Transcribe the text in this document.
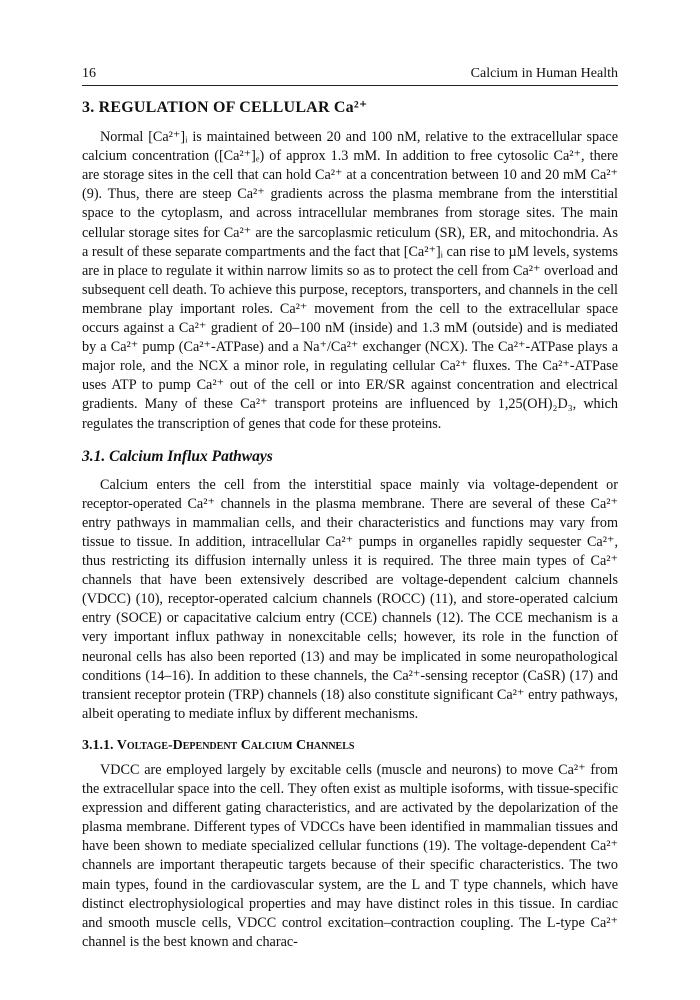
16	Calcium in Human Health
3. REGULATION OF CELLULAR Ca²⁺

Normal [Ca²⁺]ᵢ is maintained between 20 and 100 nM, relative to the extracellular space calcium concentration ([Ca²⁺]ₑ) of approx 1.3 mM. In addition to free cytosolic Ca²⁺, there are storage sites in the cell that can hold Ca²⁺ at a concentration between 10 and 20 mM Ca²⁺ (9). Thus, there are steep Ca²⁺ gradients across the plasma membrane from the interstitial space to the cytoplasm, and across intracellular membranes from storage sites. The main cellular storage sites for Ca²⁺ are the sarcoplasmic reticulum (SR), ER, and mitochondria. As a result of these separate compartments and the fact that [Ca²⁺]ᵢ can rise to µM levels, systems are in place to regulate it within narrow limits so as to protect the cell from Ca²⁺ overload and subsequent cell death. To achieve this purpose, receptors, transporters, and channels in the cell membrane play important roles. Ca²⁺ movement from the cell to the extracellular space occurs against a Ca²⁺ gradient of 20–100 nM (inside) and 1.3 mM (outside) and is mediated by a Ca²⁺ pump (Ca²⁺-ATPase) and a Na⁺/Ca²⁺ exchanger (NCX). The Ca²⁺-ATPase plays a major role, and the NCX a minor role, in regulating cellular Ca²⁺ fluxes. The Ca²⁺-ATPase uses ATP to pump Ca²⁺ out of the cell or into ER/SR against concentration and electrical gradients. Many of these Ca²⁺ transport proteins are influenced by 1,25(OH)₂D₃, which regulates the transcription of genes that code for these proteins.

3.1. Calcium Influx Pathways

Calcium enters the cell from the interstitial space mainly via voltage-dependent or receptor-operated Ca²⁺ channels in the plasma membrane. There are several of these Ca²⁺ entry pathways in mammalian cells, and their characteristics and functions may vary from tissue to tissue. In addition, intracellular Ca²⁺ pumps in organelles rapidly sequester Ca²⁺, thus restricting its diffusion internally unless it is required. The three main types of Ca²⁺ channels that have been extensively described are voltage-dependent calcium channels (VDCC) (10), receptor-operated calcium channels (ROCC) (11), and store-operated calcium entry (SOCE) or capacitative calcium entry (CCE) channels (12). The CCE mechanism is a very important influx pathway in nonexcitable cells; however, its role in the function of neuronal cells has also been reported (13) and may be implicated in some neuropathological conditions (14–16). In addition to these channels, the Ca²⁺-sensing receptor (CaSR) (17) and transient receptor protein (TRP) channels (18) also constitute significant Ca²⁺ entry pathways, albeit operating to mediate influx by different mechanisms.

3.1.1. Voltage-Dependent Calcium Channels

VDCC are employed largely by excitable cells (muscle and neurons) to move Ca²⁺ from the extracellular space into the cell. They often exist as multiple isoforms, with tissue-specific expression and different gating characteristics, and are activated by the depolarization of the plasma membrane. Different types of VDCCs have been identified in mammalian tissues and have been shown to mediate specialized cellular functions (19). The voltage-dependent Ca²⁺ channels are important therapeutic targets because of their specific characteristics. The two main types, found in the cardiovascular system, are the L and T type channels, which have distinct electrophysiological properties and may have distinct roles in this tissue. In cardiac and smooth muscle cells, VDCC control excitation–contraction coupling. The L-type Ca²⁺ channel is the best known and charac-
